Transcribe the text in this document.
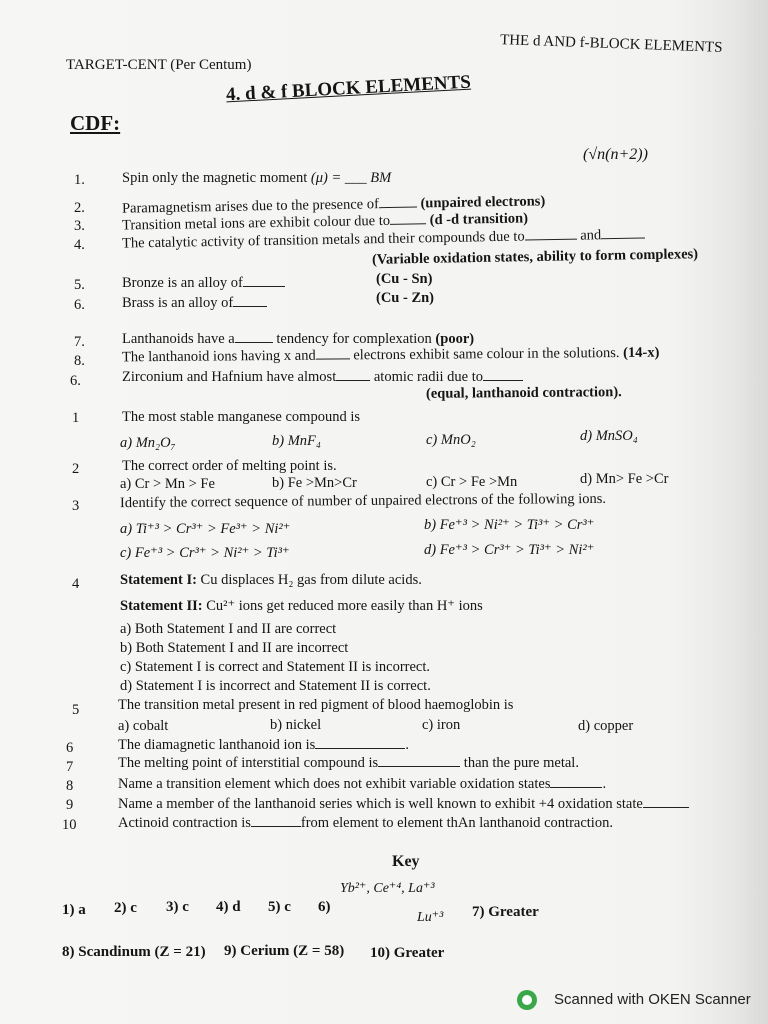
THE d AND f-BLOCK ELEMENTS
TARGET-CENT (Per Centum)
4. d & f BLOCK ELEMENTS
CDF:
1.	Spin only the magnetic moment (μ) = ___ BM
(√n(n+2))
2.	Paramagnetism arises due to the presence of	(unpaired electrons)
3.	Transition metal ions are exhibit colour due to	(d -d transition)
4.	The catalytic activity of transition metals and their compounds due to	and
(Variable oxidation states, ability to form complexes)
5.	Bronze is an alloy of	(Cu - Sn)
6.	Brass is an alloy of	(Cu - Zn)
7.	Lanthanoids have a	tendency for complexation (poor)
8.	The lanthanoid ions having x and	electrons exhibit same colour in the solutions. (14-x)
6.	Zirconium and Hafnium have almost	atomic radii due to
(equal, lanthanoid contraction).
1	The most stable manganese compound is
a) Mn₂O₇	b) MnF₄	c) MnO₂	d) MnSO₄
2	The correct order of melting point is.
a) Cr > Mn > Fe	b) Fe >Mn>Cr	c) Cr > Fe >Mn	d) Mn> Fe >Cr
3	Identify the correct sequence of number of unpaired electrons of the following ions.
a) Ti⁺³ > Cr³⁺ > Fe³⁺ > Ni²⁺	b) Fe⁺³ > Ni²⁺ > Ti³⁺ > Cr³⁺
c) Fe⁺³ > Cr³⁺ > Ni²⁺ > Ti³⁺	d) Fe⁺³ > Cr³⁺ > Ti³⁺ > Ni²⁺
4	Statement I: Cu displaces H₂ gas from dilute acids.
Statement II: Cu²⁺ ions get reduced more easily than H⁺ ions
a) Both Statement I and II are correct
b) Both Statement I and II are incorrect
c) Statement I is correct and Statement II is incorrect.
d) Statement I is incorrect and Statement II is correct.
5	The transition metal present in red pigment of blood haemoglobin is
a) cobalt	b) nickel	c) iron	d) copper
6	The diamagnetic lanthanoid ion is	.
7	The melting point of interstitial compound is	than the pure metal.
8	Name a transition element which does not exhibit variable oxidation states	.
9	Name a member of the lanthanoid series which is well known to exhibit +4 oxidation state
10	Actinoid contraction is	from element to element thAn lanthanoid contraction.
Key
1) a 2) c 3) c 4) d 5) c 6)
Yb²⁺, Ce⁺⁴, La⁺³
Lu⁺³ 7) Greater
8) Scandinum (Z = 21) 9) Cerium (Z = 58) 10) Greater
Scanned with OKEN Scanner
